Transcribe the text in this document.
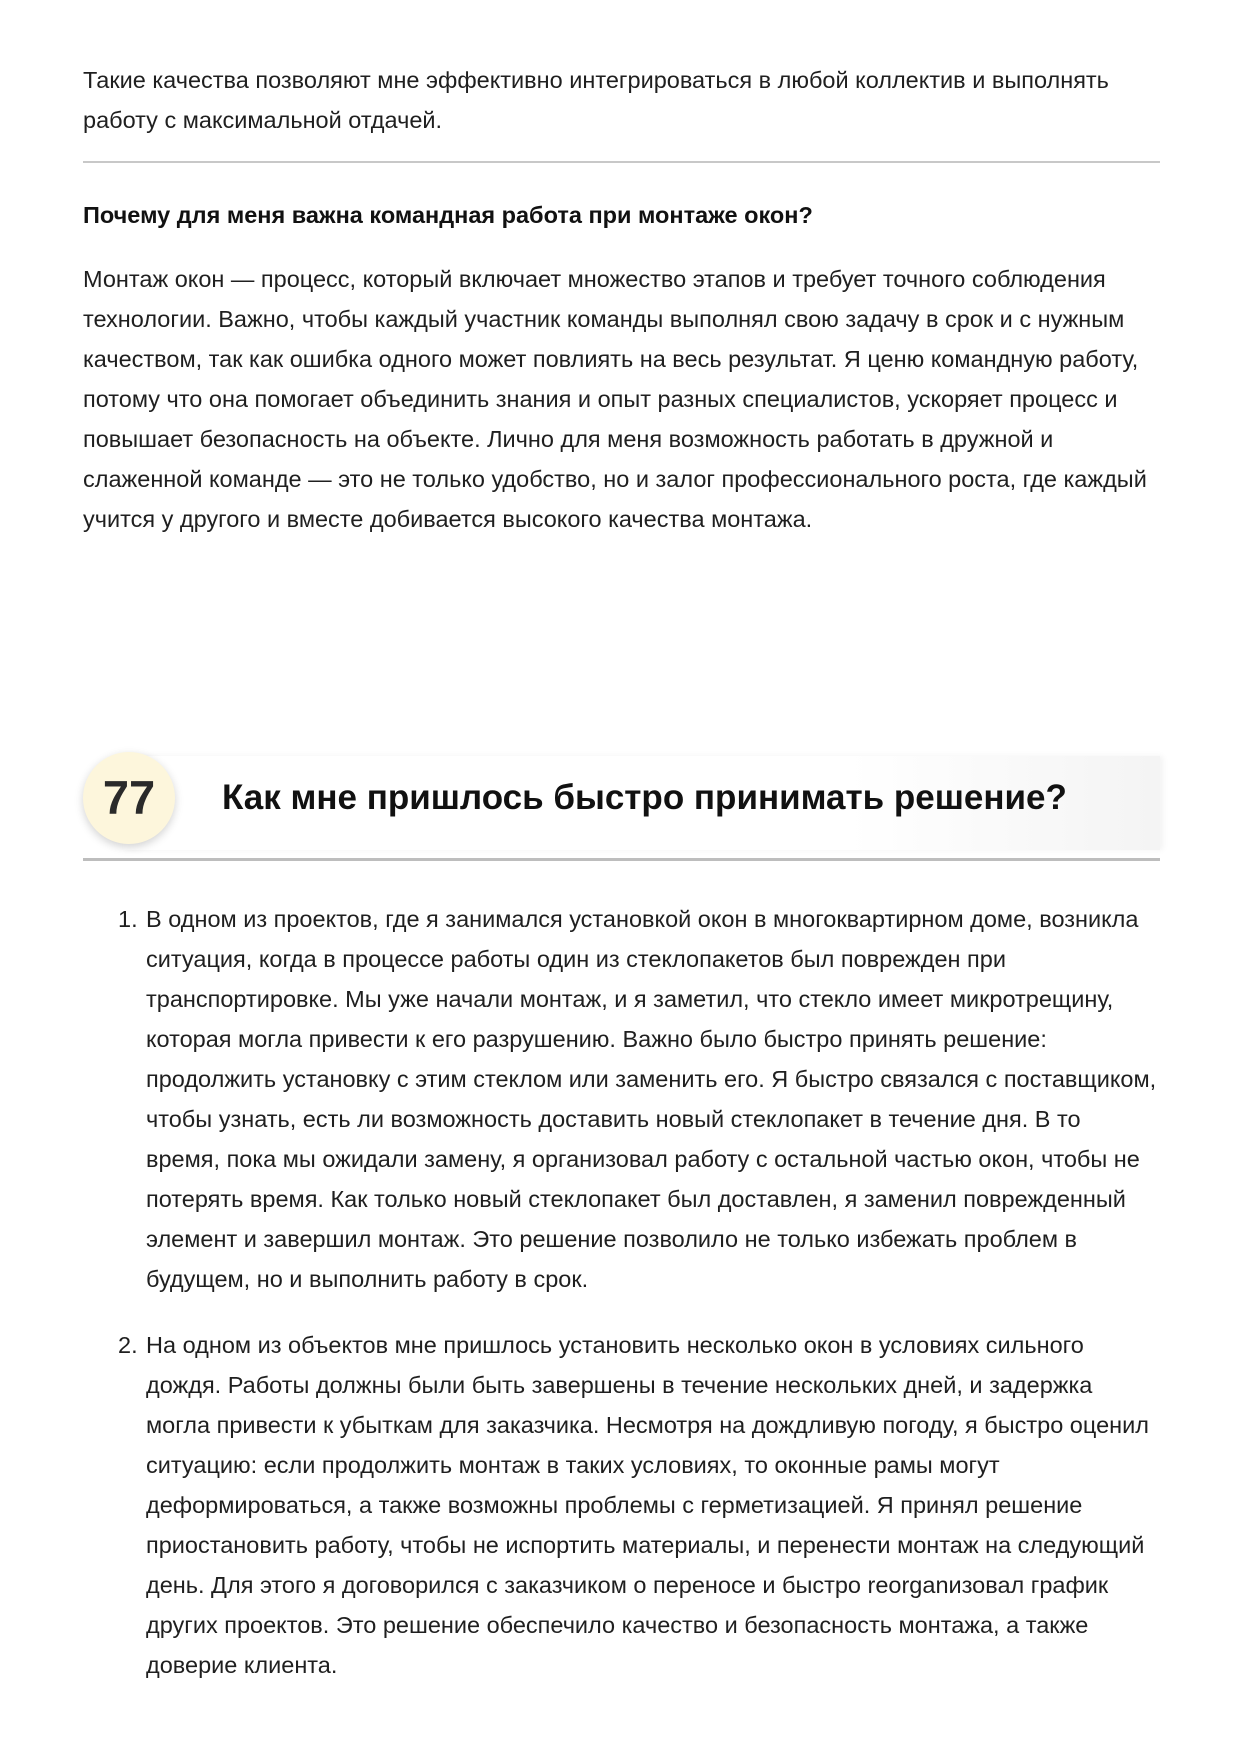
Такие качества позволяют мне эффективно интегрироваться в любой коллектив и выполнять работу с максимальной отдачей.

Почему для меня важна командная работа при монтаже окон?

Монтаж окон — процесс, который включает множество этапов и требует точного соблюдения технологии. Важно, чтобы каждый участник команды выполнял свою задачу в срок и с нужным качеством, так как ошибка одного может повлиять на весь результат. Я ценю командную работу, потому что она помогает объединить знания и опыт разных специалистов, ускоряет процесс и повышает безопасность на объекте. Лично для меня возможность работать в дружной и слаженной команде — это не только удобство, но и залог профессионального роста, где каждый учится у другого и вместе добивается высокого качества монтажа.

77	Как мне пришлось быстро принимать решение?
1. В одном из проектов, где я занимался установкой окон в многоквартирном доме, возникла ситуация, когда в процессе работы один из стеклопакетов был поврежден при транспортировке. Мы уже начали монтаж, и я заметил, что стекло имеет микротрещину, которая могла привести к его разрушению. Важно было быстро принять решение: продолжить установку с этим стеклом или заменить его. Я быстро связался с поставщиком, чтобы узнать, есть ли возможность доставить новый стеклопакет в течение дня. В то время, пока мы ожидали замену, я организовал работу с остальной частью окон, чтобы не потерять время. Как только новый стеклопакет был доставлен, я заменил поврежденный элемент и завершил монтаж. Это решение позволило не только избежать проблем в будущем, но и выполнить работу в срок.
2. На одном из объектов мне пришлось установить несколько окон в условиях сильного дождя. Работы должны были быть завершены в течение нескольких дней, и задержка могла привести к убыткам для заказчика. Несмотря на дождливую погоду, я быстро оценил ситуацию: если продолжить монтаж в таких условиях, то оконные рамы могут деформироваться, а также возможны проблемы с герметизацией. Я принял решение приостановить работу, чтобы не испортить материалы, и перенести монтаж на следующий день. Для этого я договорился с заказчиком о переносе и быстро reorganизовал график других проектов. Это решение обеспечило качество и безопасность монтажа, а также доверие клиента.
